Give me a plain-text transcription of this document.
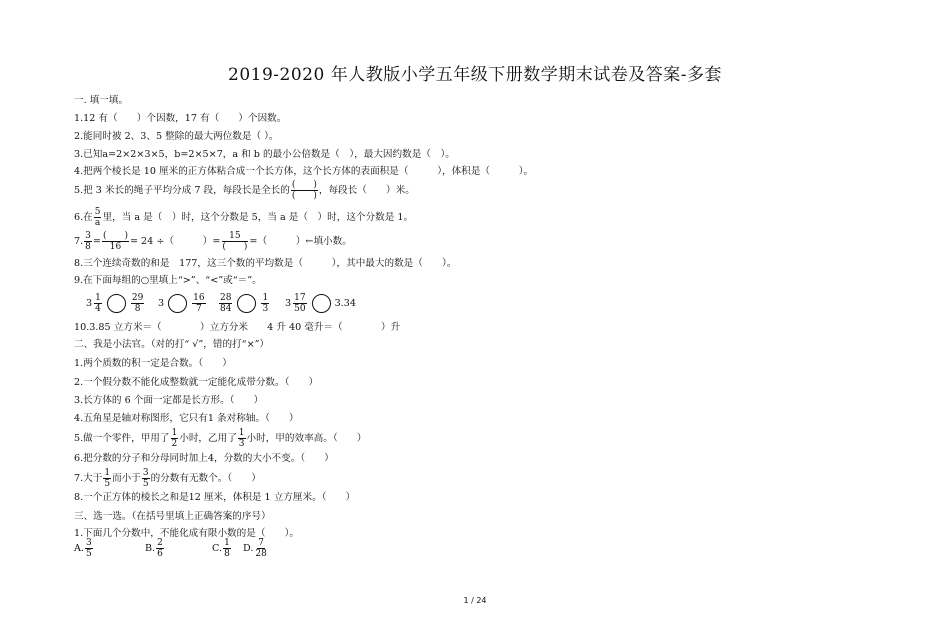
2019-2020 年人教版小学五年级下册数学期末试卷及答案-多套
一. 填一填。
1.12 有（　　）个因数，17 有（　　）个因数。
2.能同时被 2、3、5 整除的最大两位数是（ ）。
3.已知a=2×2×3×5，b=2×5×7，a 和 b 的最小公倍数是（　），最大因约数是（　）。
4.把两个棱长是 10 厘米的正方体粘合成一个长方体，这个长方体的表面积是（　　　），体积是（　　　）。
5.把 3 米长的绳子平均分成 7 段，每段长是全长的 $\frac{( )}{( )}$ ，每段长（　　）米。
6.在 $\frac{5}{a}$ 里，当 a 是（　）时，这个分数是 5，当 a 是（　）时，这个分数是 1。
7. $\frac{3}{8} = \frac{( )}{16} = 24$ ÷（　　　）= $\frac{15}{( )}$ =（　　　）←填小数。
8.三个连续奇数的和是　177，这三个数的平均数是（　　　），其中最大的数是（　　）。
9.在下面每组的○里填上“>”、“<”或“＝”。
$3 \frac{1}{4}$	$\frac{29}{8} 3$	$\frac{16}{7} \frac{28}{84}$	$\frac{1}{3} 3 \frac{17}{50}$	3.34
10.3.85 立方米＝（　　　　）立方分米　　4 升 40 毫升＝（　　　　）升
二、我是小法官。（对的打“ √”，错的打“×”）
1.两个质数的积一定是合数。（　　）
2.一个假分数不能化成整数就一定能化成带分数。（　　）
3.长方体的 6 个面一定都是长方形。（　　）
4.五角星是轴对称图形，它只有1 条对称轴。（　　）
5.做一个零件，甲用了 $\frac{1}{2}$ 小时，乙用了 $\frac{1}{3}$ 小时，甲的效率高。（　　）
6.把分数的分子和分母同时加上4，分数的大小不变。（　　）
7.大于 $\frac{1}{5}$ 而小于 $\frac{3}{5}$ 的分数有无数个。（　　）
8.一个正方体的棱长之和是12 厘米，体积是 1 立方厘米。（　　）
三、选一选。（在括号里填上正确答案的序号）
1.下面几个分数中，不能化成有限小数的是（　　）。
A. $\frac{3}{5}$	B. $\frac{2}{6}$	C. $\frac{1}{8} D$. $\frac{7}{28}$
1 / 24
